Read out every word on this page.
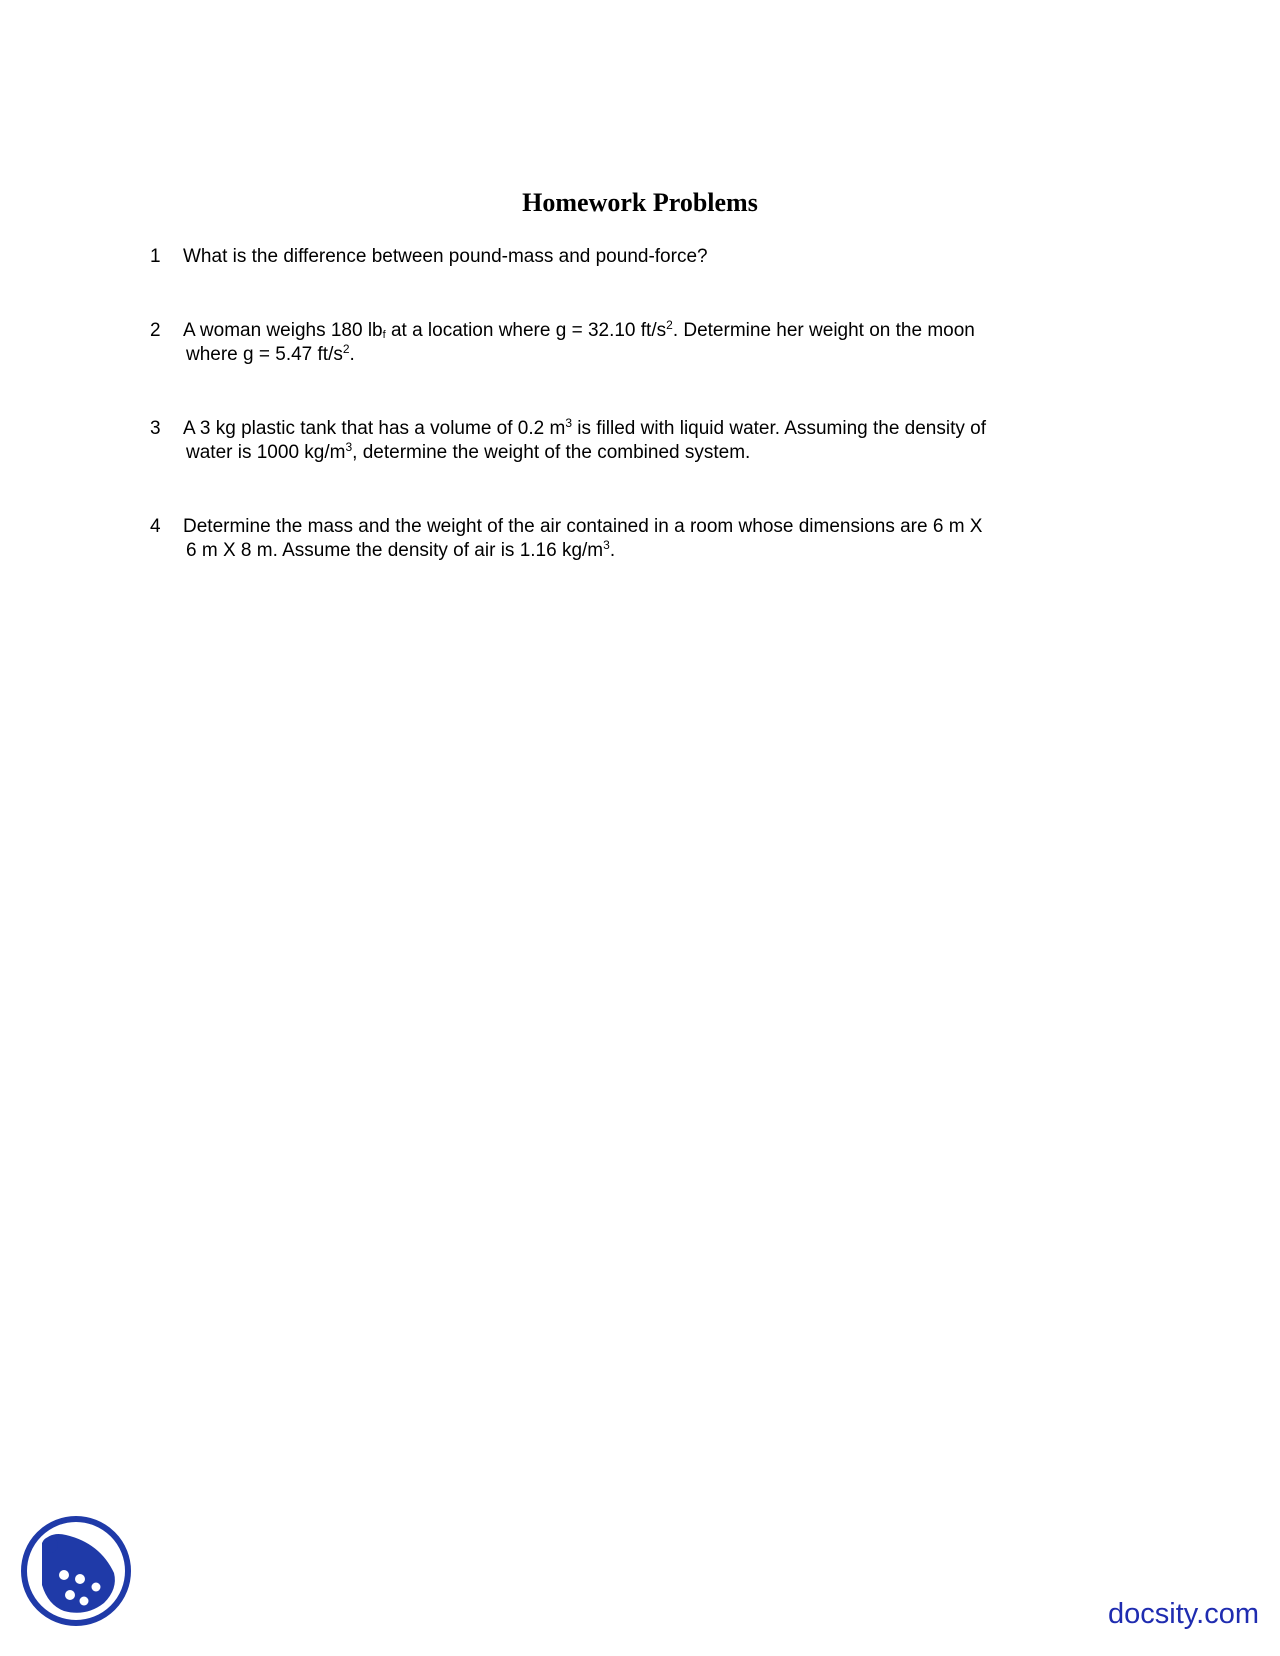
Homework Problems
1	What is the difference between pound-mass and pound-force?
2	A woman weighs 180 $lb_f$ at a location where g = 32.10 $ft/s^2$. Determine her weight on the moon
where g = 5.47 $ft/s^2$.
3	A 3 kg plastic tank that has a volume of 0.2 $m^3$ is filled with liquid water. Assuming the density of
water is 1000 $kg/m^3$, determine the weight of the combined system.
4	Determine the mass and the weight of the air contained in a room whose dimensions are 6 m X
6 m X 8 m. Assume the density of air is 1.16 $kg/m^3$.
docsity.com
